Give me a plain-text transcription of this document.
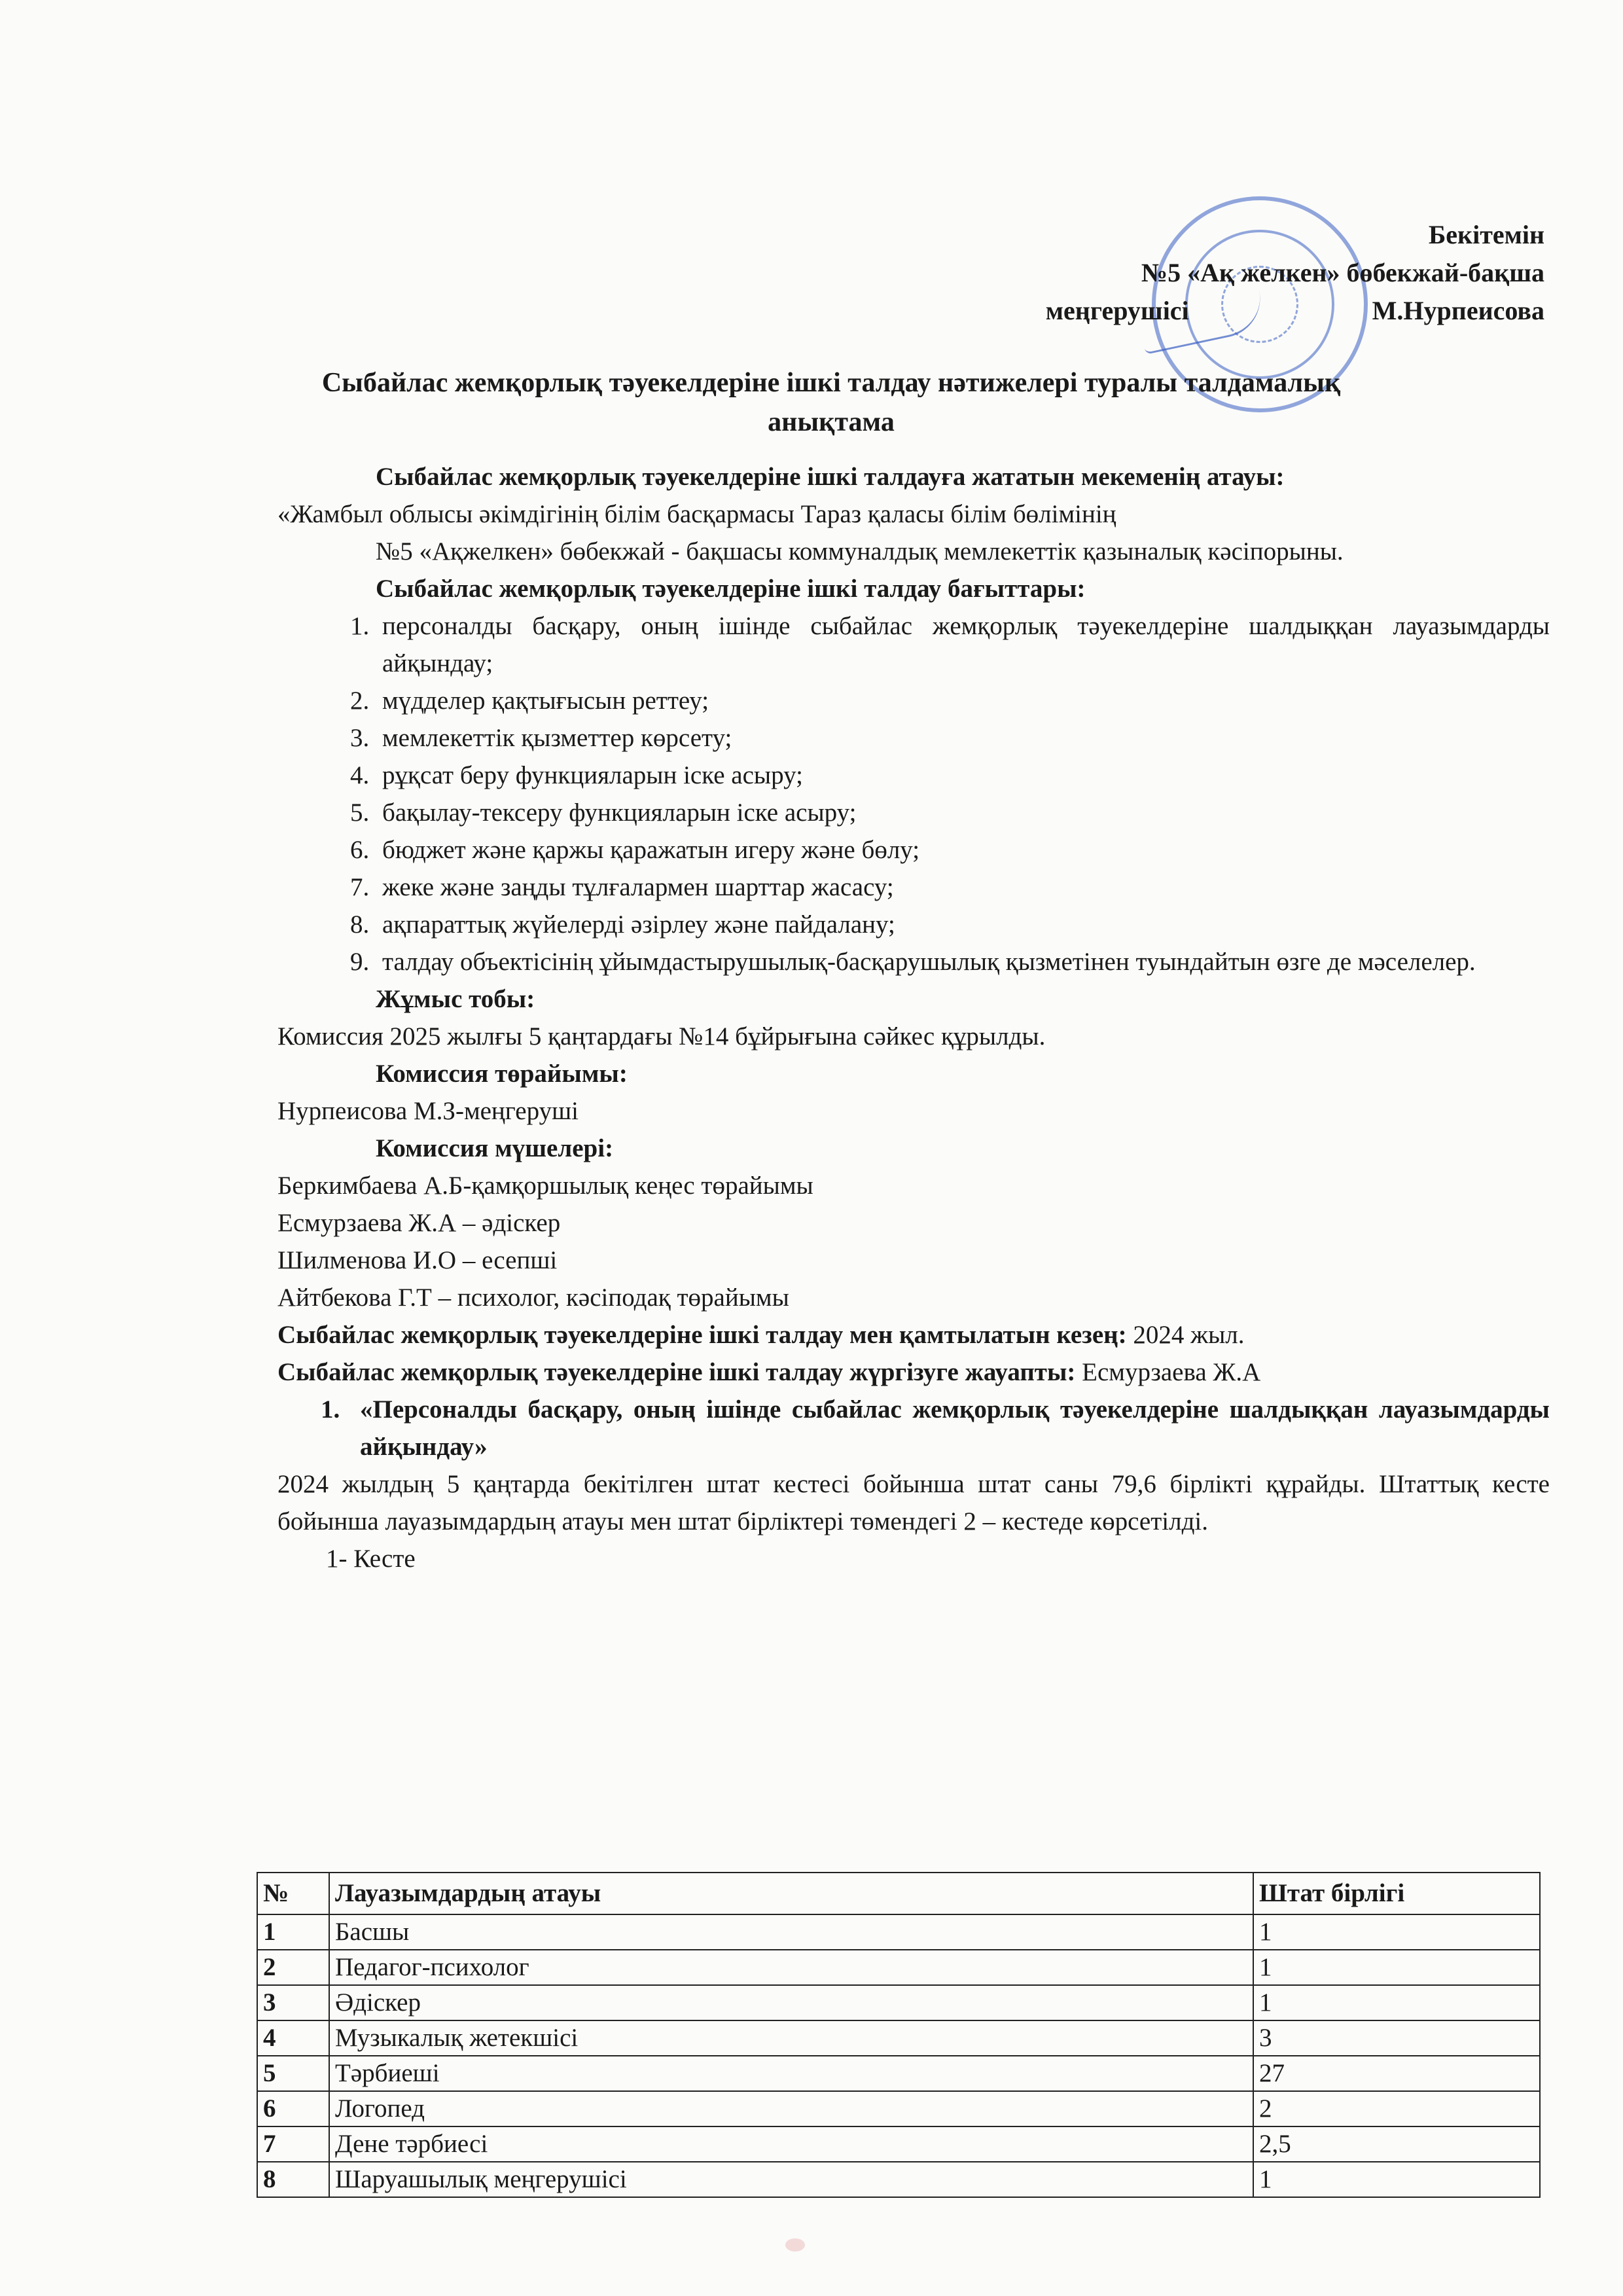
Бекітемін
№5 «Ақ желкен» бөбекжай-бақша
меңгерушісі	М.Нурпеисова
Сыбайлас жемқорлық тәуекелдеріне ішкі талдау нәтижелері туралы талдамалық
анықтама

Сыбайлас жемқорлық тәуекелдеріне ішкі талдауға жататын мекеменің атауы:

«Жамбыл облысы әкімдігінің білім басқармасы Тараз қаласы білім бөлімінің

№5 «Ақжелкен» бөбекжай - бақшасы коммуналдық мемлекеттік қазыналық кәсіпорыны.

Сыбайлас жемқорлық тәуекелдеріне ішкі талдау бағыттары:

1. персоналды басқару, оның ішінде сыбайлас жемқорлық тәуекелдеріне шалдыққан лауазымдарды айқындау;
2. мүдделер қақтығысын реттеу;
3. мемлекеттік қызметтер көрсету;
4. рұқсат беру функцияларын іске асыру;
5. бақылау-тексеру функцияларын іске асыру;
6. бюджет және қаржы қаражатын игеру және бөлу;
7. жеке және заңды тұлғалармен шарттар жасасу;
8. ақпараттық жүйелерді әзірлеу және пайдалану;
9. талдау объектісінің ұйымдастырушылық-басқарушылық қызметінен туындайтын өзге де мәселелер.

Жұмыс тобы:

Комиссия 2025 жылғы 5 қаңтардағы №14 бұйрығына сәйкес құрылды.

Комиссия төрайымы:

Нурпеисова М.З-меңгеруші

Комиссия мүшелері:

Беркимбаева А.Б-қамқоршылық кеңес төрайымы

Есмурзаева Ж.А – әдіскер

Шилменова И.О – есепші

Айтбекова Г.Т – психолог, кәсіподақ төрайымы

Сыбайлас жемқорлық тәуекелдеріне ішкі талдау мен қамтылатын кезең: 2024 жыл.

Сыбайлас жемқорлық тәуекелдеріне ішкі талдау жүргізуге жауапты: Есмурзаева Ж.А

1. «Персоналды басқару, оның ішінде сыбайлас жемқорлық тәуекелдеріне шалдыққан лауазымдарды айқындау»

2024 жылдың 5 қаңтарда бекітілген штат кестесі бойынша штат саны 79,6 бірлікті құрайды. Штаттық кесте бойынша лауазымдардың атауы мен штат бірліктері төмендегі 2 – кестеде көрсетілді.

1- Кесте

№	Лауазымдардың атауы	Штат бірлігі
1	Басшы	1
2	Педагог-психолог	1
3	Әдіскер	1
4	Музыкалық жетекшісі	3
5	Тәрбиеші	27
6	Логопед	2
7	Дене тәрбиесі	2,5
8	Шаруашылық меңгерушісі	1
